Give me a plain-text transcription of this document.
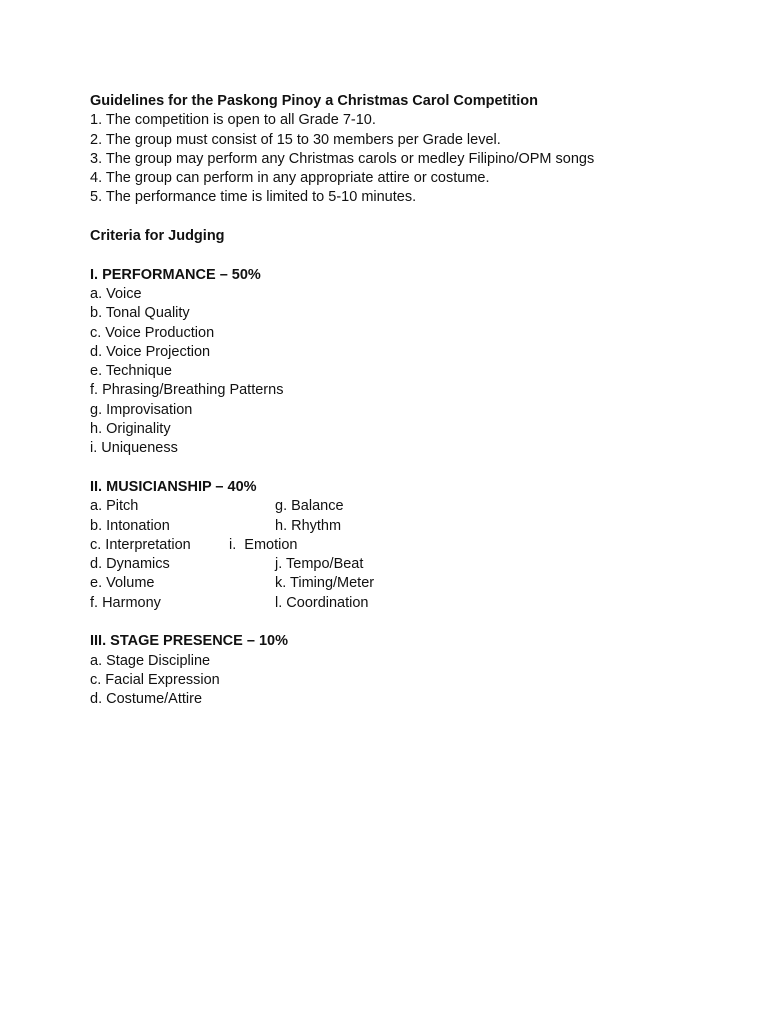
Guidelines for the Paskong Pinoy a Christmas Carol Competition
1. The competition is open to all Grade 7-10.
2. The group must consist of 15 to 30 members per Grade level.
3. The group may perform any Christmas carols or medley Filipino/OPM songs
4. The group can perform in any appropriate attire or costume.
5. The performance time is limited to 5-10 minutes.
Criteria for Judging
I. PERFORMANCE – 50%
a. Voice
b. Tonal Quality
c. Voice Production
d. Voice Projection
e. Technique
f. Phrasing/Breathing Patterns
g. Improvisation
h. Originality
i. Uniqueness
II. MUSICIANSHIP – 40%
a. Pitch	g. Balance
b. Intonation	h. Rhythm
c. Interpretation	i.  Emotion
d. Dynamics	j. Tempo/Beat
e. Volume	k. Timing/Meter
f. Harmony	l. Coordination
III. STAGE PRESENCE – 10%
a. Stage Discipline
c. Facial Expression
d. Costume/Attire
